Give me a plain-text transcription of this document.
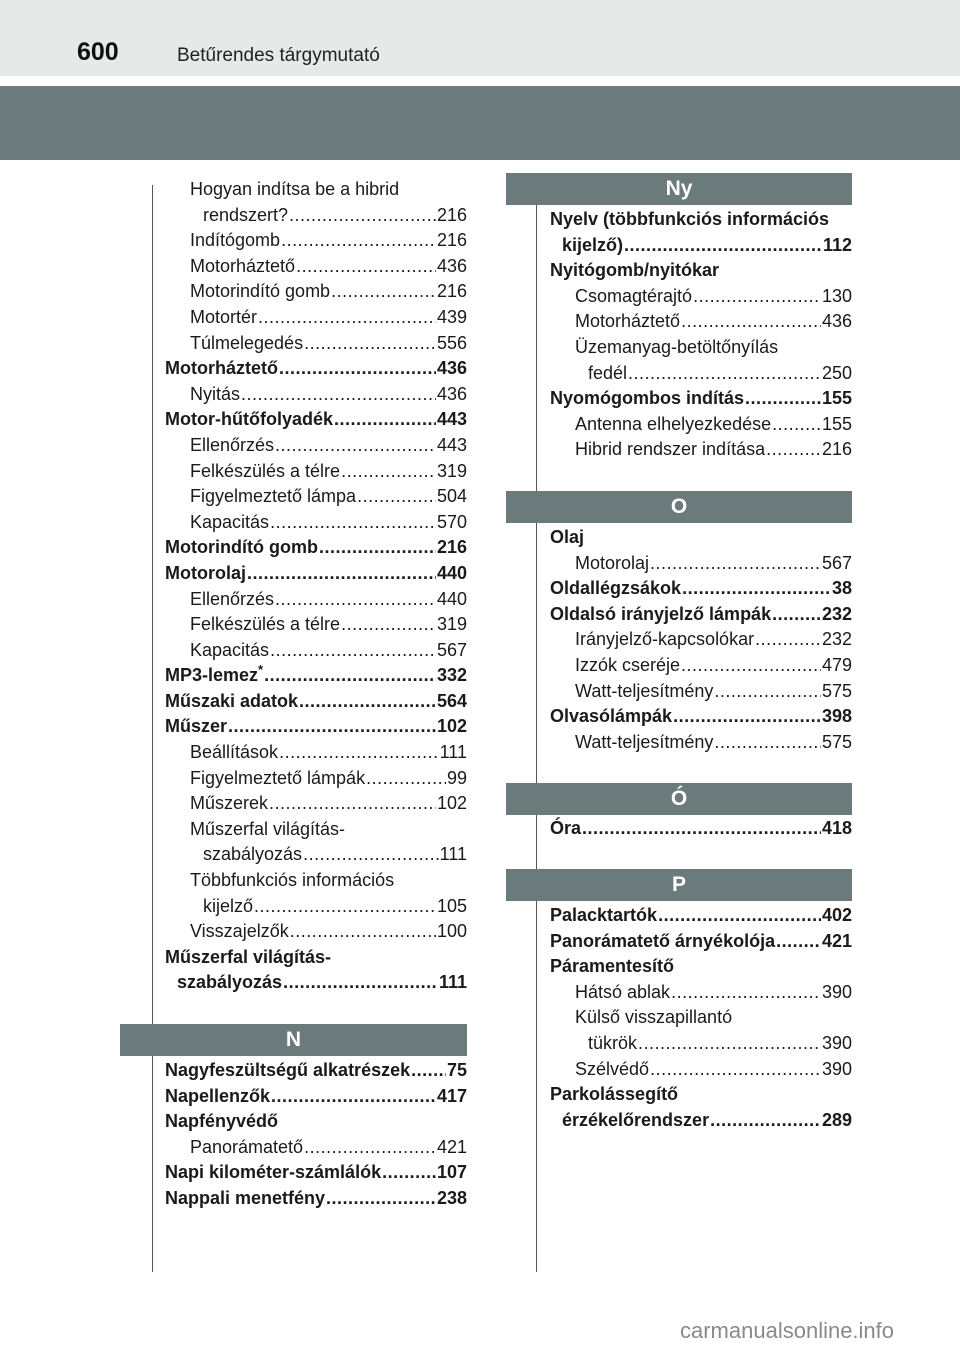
600	Betűrendes tárgymutató
Hogyan indítsa be a hibrid
rendszert? .....	216
Indítógomb .....	216
Motorháztető .....	436
Motorindító gomb .....	216
Motortér .....	439
Túlmelegedés .....	556
Motorháztető .....	436
Nyitás .....	436
Motor-hűtőfolyadék .....	443
Ellenőrzés .....	443
Felkészülés a télre .....	319
Figyelmeztető lámpa .....	504
Kapacitás .....	570
Motorindító gomb .....	216
Motorolaj .....	440
Ellenőrzés .....	440
Felkészülés a télre .....	319
Kapacitás .....	567
MP3-lemez* .....	332
Műszaki adatok .....	564
Műszer .....	102
Beállítások .....	111
Figyelmeztető lámpák .....	99
Műszerek .....	102
Műszerfal világítás-
szabályozás .....	111
Többfunkciós információs
kijelző .....	105
Visszajelzők .....	100
Műszerfal világítás-
szabályozás .....	111
N
Nagyfeszültségű alkatrészek ..... 75
Napellenzők .....	417
Napfényvédő
Panorámatető .....	421
Napi kilométer-számlálók .....	107
Nappali menetfény .....	238
Ny
Nyelv (többfunkciós információs
kijelző) .....	112
Nyitógomb/nyitókar
Csomagtérajtó .....	130
Motorháztető .....	436
Üzemanyag-betöltőnyílás
fedél .....	250
Nyomógombos indítás .....	155
Antenna elhelyezkedése .....	155
Hibrid rendszer indítása .....	216
O
Olaj
Motorolaj .....	567
Oldallégzsákok .....	38
Oldalsó irányjelző lámpák .....	232
Irányjelző-kapcsolókar .....	232
Izzók cseréje .....	479
Watt-teljesítmény .....	575
Olvasólámpák .....	398
Watt-teljesítmény .....	575
Ó
Óra .....	418
P
Palacktartók .....	402
Panorámatető árnyékolója .....	421
Páramentesítő
Hátsó ablak .....	390
Külső visszapillantó
tükrök .....	390
Szélvédő .....	390
Parkolássegítő
érzékelőrendszer .....	289
carmanualsonline.info
